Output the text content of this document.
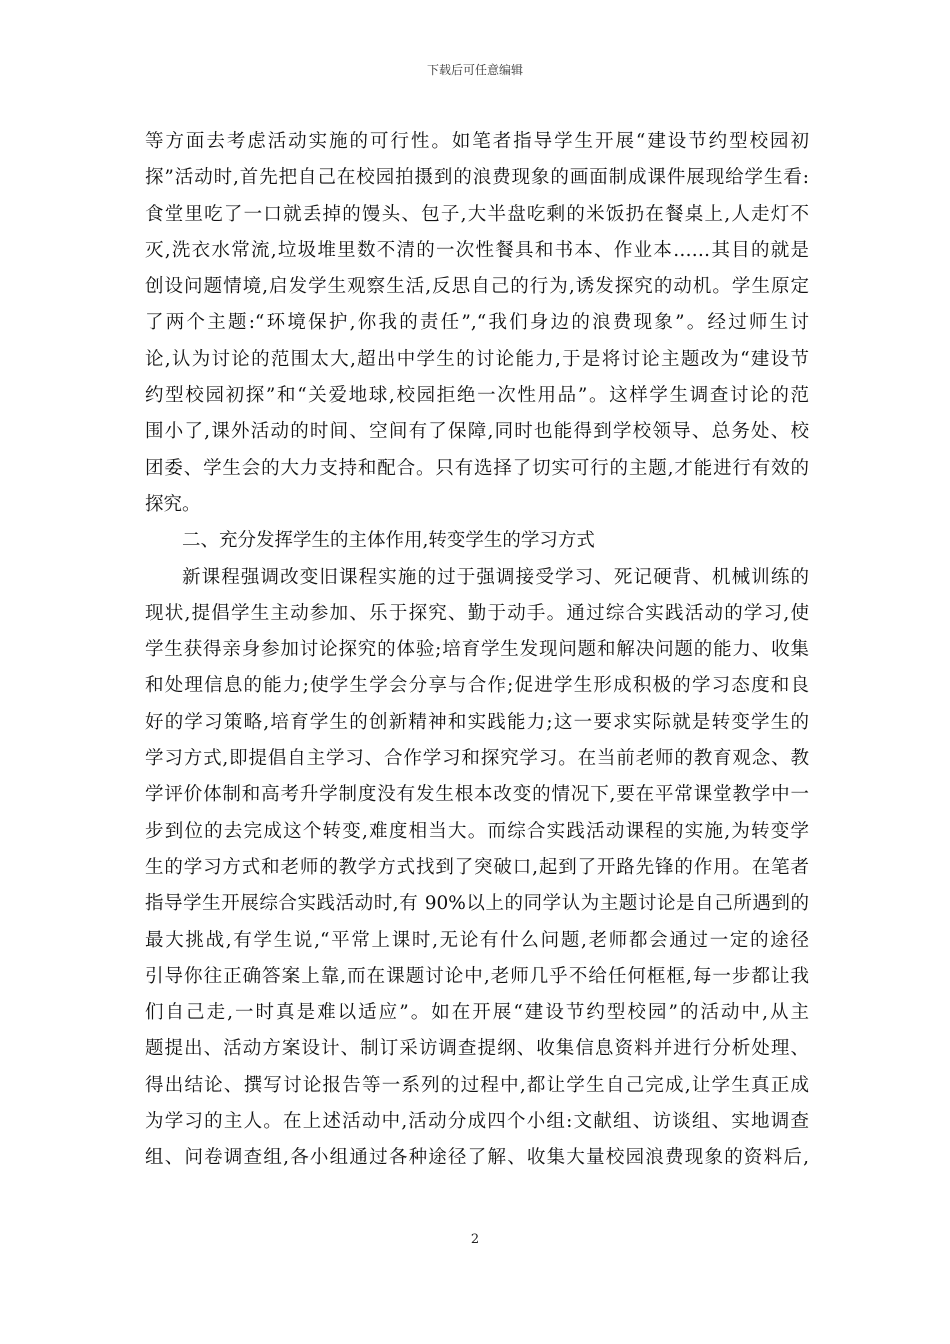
下载后可任意编辑
等方面去考虑活动实施的可行性。如笔者指导学生开展“建设节约型校园初
探”活动时,首先把自己在校园拍摄到的浪费现象的画面制成课件展现给学生看:
食堂里吃了一口就丢掉的馒头、包子,大半盘吃剩的米饭扔在餐桌上,人走灯不
灭,洗衣水常流,垃圾堆里数不清的一次性餐具和书本、作业本……其目的就是
创设问题情境,启发学生观察生活,反思自己的行为,诱发探究的动机。学生原定
了两个主题:“环境保护,你我的责任”,“我们身边的浪费现象”。经过师生讨
论,认为讨论的范围太大,超出中学生的讨论能力,于是将讨论主题改为“建设节
约型校园初探”和“关爱地球,校园拒绝一次性用品”。这样学生调查讨论的范
围小了,课外活动的时间、空间有了保障,同时也能得到学校领导、总务处、校
团委、学生会的大力支持和配合。只有选择了切实可行的主题,才能进行有效的
探究。
二、充分发挥学生的主体作用,转变学生的学习方式
新课程强调改变旧课程实施的过于强调接受学习、死记硬背、机械训练的
现状,提倡学生主动参加、乐于探究、勤于动手。通过综合实践活动的学习,使
学生获得亲身参加讨论探究的体验;培育学生发现问题和解决问题的能力、收集
和处理信息的能力;使学生学会分享与合作;促进学生形成积极的学习态度和良
好的学习策略,培育学生的创新精神和实践能力;这一要求实际就是转变学生的
学习方式,即提倡自主学习、合作学习和探究学习。在当前老师的教育观念、教
学评价体制和高考升学制度没有发生根本改变的情况下,要在平常课堂教学中一
步到位的去完成这个转变,难度相当大。而综合实践活动课程的实施,为转变学
生的学习方式和老师的教学方式找到了突破口,起到了开路先锋的作用。在笔者
指导学生开展综合实践活动时,有 90%以上的同学认为主题讨论是自己所遇到的
最大挑战,有学生说,“平常上课时,无论有什么问题,老师都会通过一定的途径
引导你往正确答案上靠,而在课题讨论中,老师几乎不给任何框框,每一步都让我
们自己走,一时真是难以适应”。如在开展“建设节约型校园”的活动中,从主
题提出、活动方案设计、制订采访调查提纲、收集信息资料并进行分析处理、
得出结论、撰写讨论报告等一系列的过程中,都让学生自己完成,让学生真正成
为学习的主人。在上述活动中,活动分成四个小组:文献组、访谈组、实地调查
组、问卷调查组,各小组通过各种途径了解、收集大量校园浪费现象的资料后,
2
